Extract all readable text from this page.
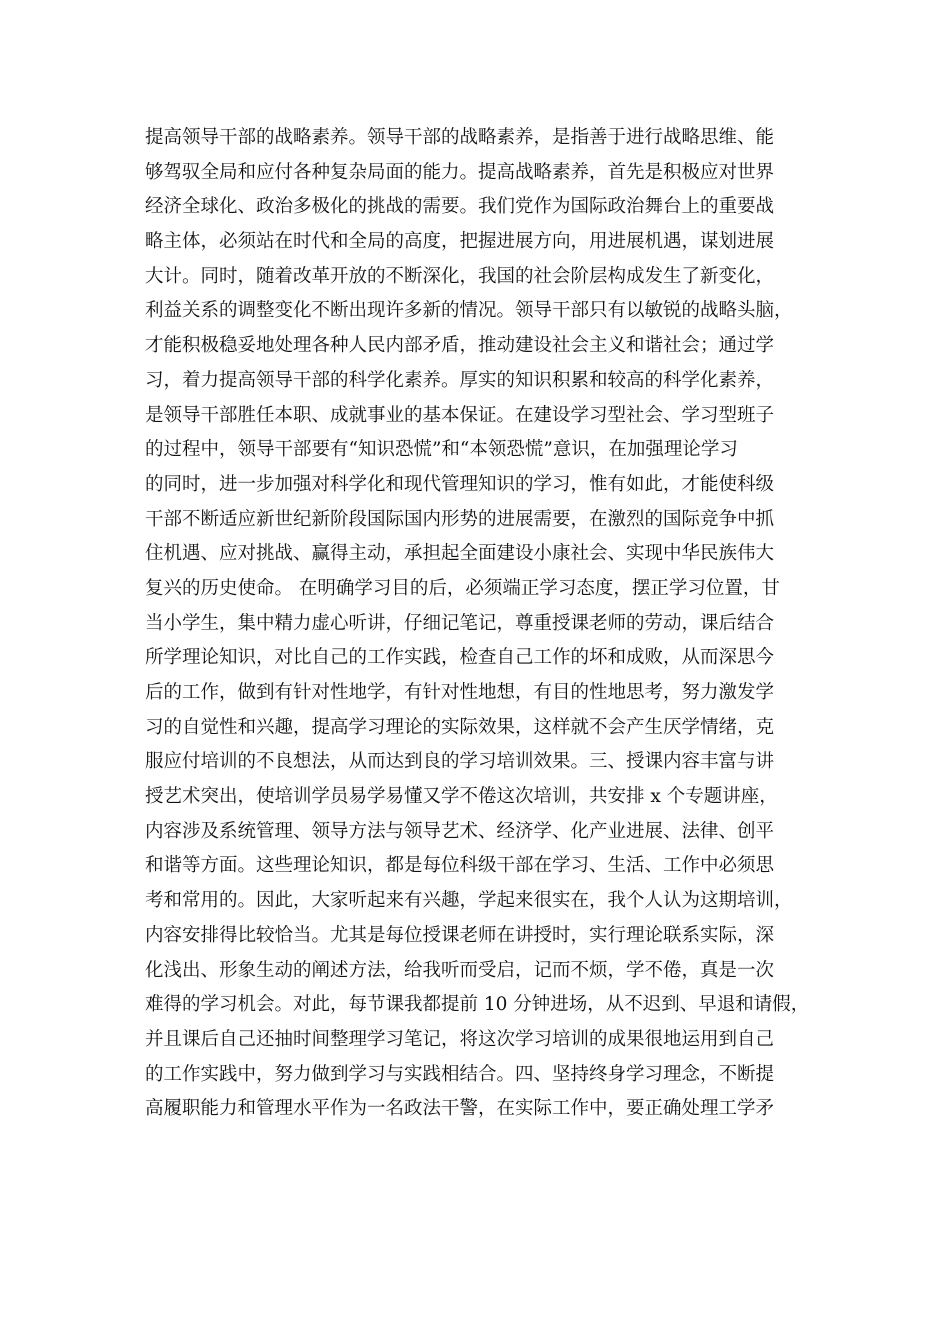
提高领导干部的战略素养。领导干部的战略素养，是指善于进行战略思维、能
够驾驭全局和应付各种复杂局面的能力。提高战略素养，首先是积极应对世界
经济全球化、政治多极化的挑战的需要。我们党作为国际政治舞台上的重要战
略主体，必须站在时代和全局的高度，把握进展方向，用进展机遇，谋划进展
大计。同时，随着改革开放的不断深化，我国的社会阶层构成发生了新变化，
利益关系的调整变化不断出现许多新的情况。领导干部只有以敏锐的战略头脑，
才能积极稳妥地处理各种人民内部矛盾，推动建设社会主义和谐社会；通过学
习，着力提高领导干部的科学化素养。厚实的知识积累和较高的科学化素养，
是领导干部胜任本职、成就事业的基本保证。在建设学习型社会、学习型班子
的过程中，领导干部要有“知识恐慌”和“本领恐慌”意识，在加强理论学习
的同时，进一步加强对科学化和现代管理知识的学习，惟有如此，才能使科级
干部不断适应新世纪新阶段国际国内形势的进展需要，在激烈的国际竞争中抓
住机遇、应对挑战、赢得主动，承担起全面建设小康社会、实现中华民族伟大
复兴的历史使命。 在明确学习目的后，必须端正学习态度，摆正学习位置，甘
当小学生，集中精力虚心听讲，仔细记笔记，尊重授课老师的劳动，课后结合
所学理论知识，对比自己的工作实践，检查自己工作的坏和成败，从而深思今
后的工作，做到有针对性地学，有针对性地想，有目的性地思考，努力激发学
习的自觉性和兴趣，提高学习理论的实际效果，这样就不会产生厌学情绪，克
服应付培训的不良想法，从而达到良的学习培训效果。三、授课内容丰富与讲
授艺术突出，使培训学员易学易懂又学不倦这次培训，共安排 x 个专题讲座，
内容涉及系统管理、领导方法与领导艺术、经济学、化产业进展、法律、创平
和谐等方面。这些理论知识，都是每位科级干部在学习、生活、工作中必须思
考和常用的。因此，大家听起来有兴趣，学起来很实在，我个人认为这期培训，
内容安排得比较恰当。尤其是每位授课老师在讲授时，实行理论联系实际，深
化浅出、形象生动的阐述方法，给我听而受启，记而不烦，学不倦，真是一次
难得的学习机会。对此，每节课我都提前 10 分钟进场，从不迟到、早退和请假，
并且课后自己还抽时间整理学习笔记，将这次学习培训的成果很地运用到自己
的工作实践中，努力做到学习与实践相结合。四、坚持终身学习理念，不断提
高履职能力和管理水平作为一名政法干警，在实际工作中，要正确处理工学矛
